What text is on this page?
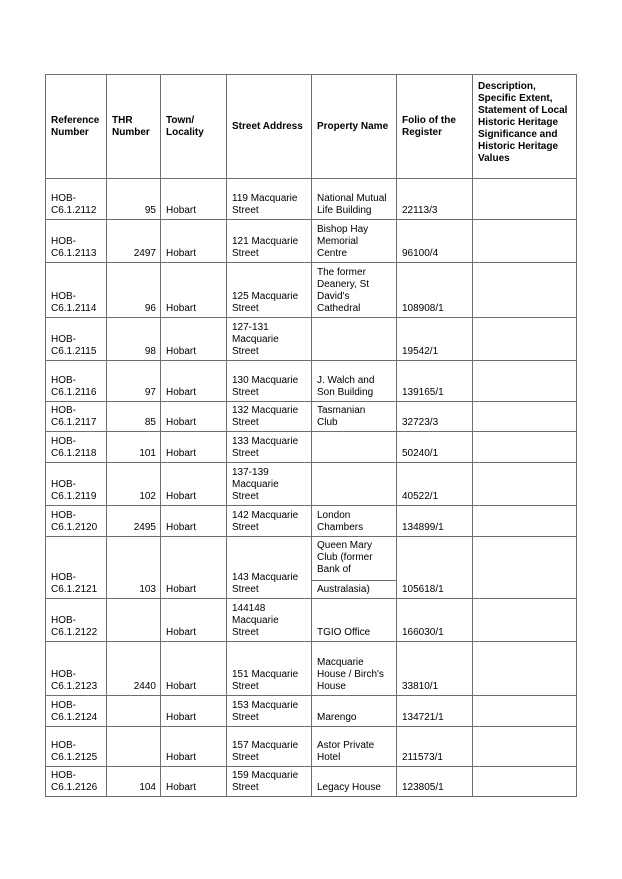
Reference Number	THR Number	Town/ Locality	Street Address	Property Name	Folio of the Register	Description, Specific Extent, Statement of Local Historic Heritage Significance and Historic Heritage Values

HOB-
C6.1.2112	95	Hobart	119 Macquarie
Street	National Mutual
Life Building	22113/3	

HOB-
C6.1.2113	2497	Hobart	121 Macquarie
Street	Bishop Hay
Memorial
Centre	96100/4	

HOB-
C6.1.2114	96	Hobart	125 Macquarie
Street	The former
Deanery, St
David's
Cathedral	108908/1	

HOB-
C6.1.2115	98	Hobart	127-131
Macquarie
Street		19542/1	

HOB-
C6.1.2116	97	Hobart	130 Macquarie
Street	J. Walch and
Son Building	139165/1	

HOB-
C6.1.2117	85	Hobart	132 Macquarie
Street	Tasmanian
Club	32723/3	

HOB-
C6.1.2118	101	Hobart	133 Macquarie
Street		50240/1	

HOB-
C6.1.2119	102	Hobart	137-139
Macquarie
Street		40522/1	

HOB-
C6.1.2120	2495	Hobart	142 Macquarie
Street	London
Chambers	134899/1	

HOB-
C6.1.2121	103	Hobart	143 Macquarie
Street	Queen Mary
Club (former
Bank of
Australasia)	105618/1	

HOB-
C6.1.2122		Hobart	144148
Macquarie
Street	TGIO Office	166030/1	

HOB-
C6.1.2123	2440	Hobart	151 Macquarie
Street	Macquarie
House / Birch's
House	33810/1	

HOB-
C6.1.2124		Hobart	153 Macquarie
Street	Marengo	134721/1	

HOB-
C6.1.2125		Hobart	157 Macquarie
Street	Astor Private
Hotel	211573/1	

HOB-
C6.1.2126	104	Hobart	159 Macquarie
Street	Legacy House	123805/1	
